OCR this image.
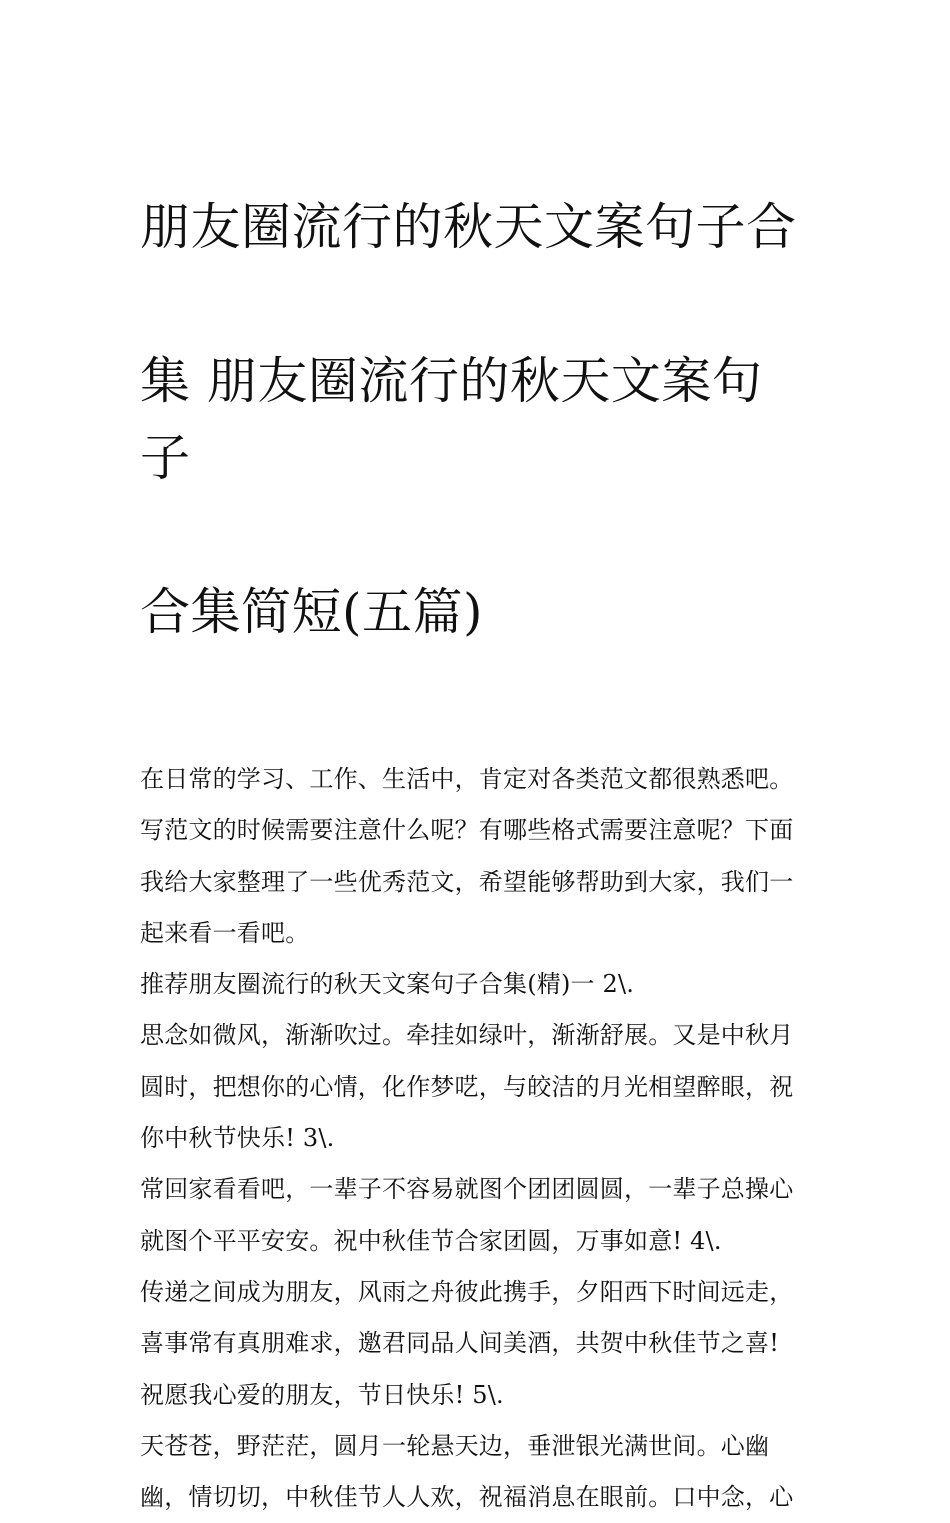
朋友圈流行的秋天文案句子合

集 朋友圈流行的秋天文案句子

合集简短(五篇)

在日常的学习、工作、生活中，肯定对各类范文都很熟悉吧。
写范文的时候需要注意什么呢？有哪些格式需要注意呢？下面
我给大家整理了一些优秀范文，希望能够帮助到大家，我们一
起来看一看吧。

推荐朋友圈流行的秋天文案句子合集(精)一 2\.

思念如微风，渐渐吹过。牵挂如绿叶，渐渐舒展。又是中秋月
圆时，把想你的心情，化作梦呓，与皎洁的月光相望醉眼，祝
你中秋节快乐! 3\.

常回家看看吧，一辈子不容易就图个团团圆圆，一辈子总操心
就图个平平安安。祝中秋佳节合家团圆，万事如意! 4\.

传递之间成为朋友，风雨之舟彼此携手，夕阳西下时间远走，
喜事常有真朋难求，邀君同品人间美酒，共贺中秋佳节之喜!
祝愿我心爱的朋友，节日快乐! 5\.

天苍苍，野茫茫，圆月一轮悬天边，垂泄银光满世间。心幽
幽，情切切，中秋佳节人人欢，祝福消息在眼前。口中念，心
